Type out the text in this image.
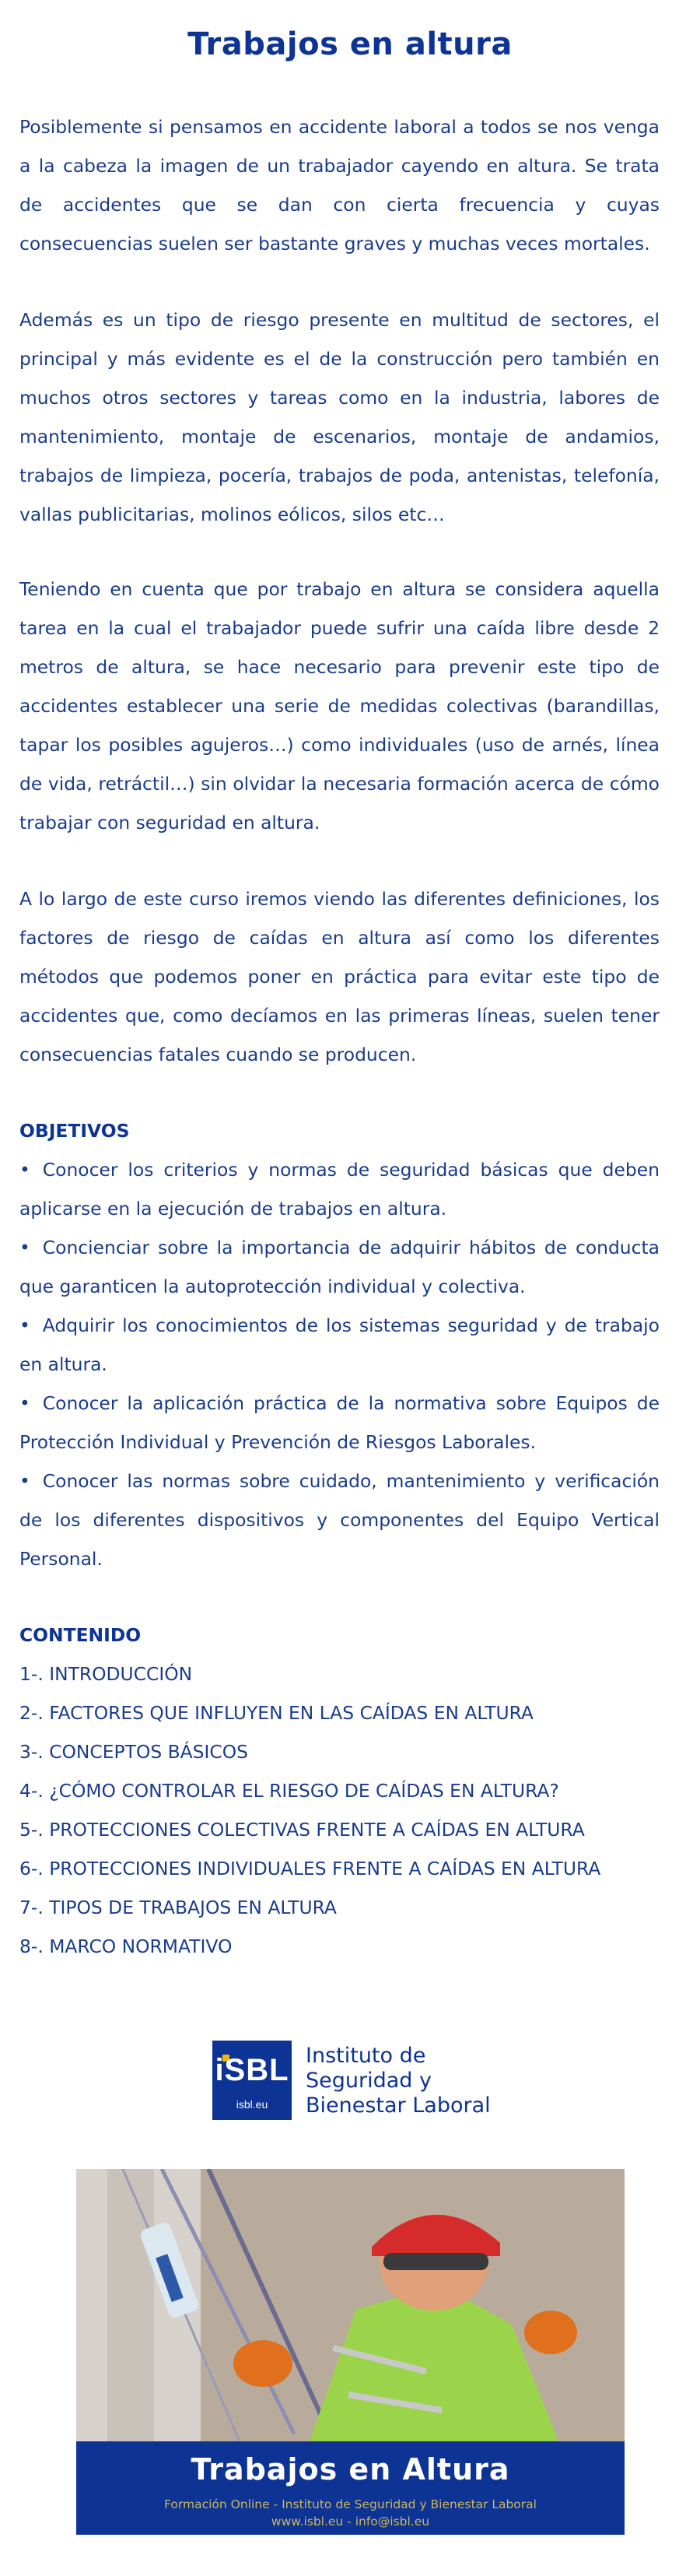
Trabajos en altura

Posiblemente si pensamos en accidente laboral a todos se nos venga a la cabeza la imagen de un trabajador cayendo en altura. Se trata de accidentes que se dan con cierta frecuencia y cuyas consecuencias suelen ser bastante graves y muchas veces mortales.

Además es un tipo de riesgo presente en multitud de sectores, el principal y más evidente es el de la construcción pero también en muchos otros sectores y tareas como en la industria, labores de mantenimiento, montaje de escenarios, montaje de andamios, trabajos de limpieza, pocería, trabajos de poda, antenistas, telefonía, vallas publicitarias, molinos eólicos, silos etc…

Teniendo en cuenta que por trabajo en altura se considera aquella tarea en la cual el trabajador puede sufrir una caída libre desde 2 metros de altura, se hace necesario para prevenir este tipo de accidentes establecer una serie de medidas colectivas (barandillas, tapar los posibles agujeros…) como individuales (uso de arnés, línea de vida, retráctil…) sin olvidar la necesaria formación acerca de cómo trabajar con seguridad en altura.

A lo largo de este curso iremos viendo las diferentes definiciones, los factores de riesgo de caídas en altura así como los diferentes métodos que podemos poner en práctica para evitar este tipo de accidentes que, como decíamos en las primeras líneas, suelen tener consecuencias fatales cuando se producen.

OBJETIVOS
• Conocer los criterios y normas de seguridad básicas que deben aplicarse en la ejecución de trabajos en altura.
• Concienciar sobre la importancia de adquirir hábitos de conducta que garanticen la autoprotección individual y colectiva.
• Adquirir los conocimientos de los sistemas seguridad y de trabajo en altura.
• Conocer la aplicación práctica de la normativa sobre Equipos de Protección Individual y Prevención de Riesgos Laborales.
• Conocer las normas sobre cuidado, mantenimiento y verificación de los diferentes dispositivos y componentes del Equipo Vertical Personal.
CONTENIDO
1-. INTRODUCCIÓN
2-. FACTORES QUE INFLUYEN EN LAS CAÍDAS EN ALTURA
3-. CONCEPTOS BÁSICOS
4-. ¿CÓMO CONTROLAR EL RIESGO DE CAÍDAS EN ALTURA?
5-. PROTECCIONES COLECTIVAS FRENTE A CAÍDAS EN ALTURA
6-. PROTECCIONES INDIVIDUALES FRENTE A CAÍDAS EN ALTURA
7-. TIPOS DE TRABAJOS EN ALTURA
8-. MARCO NORMATIVO
iSBL
isbl.eu
Instituto de
Seguridad y
Bienestar Laboral
Trabajos en Altura
Formación Online - Instituto de Seguridad y Bienestar Laboral
www.isbl.eu - info@isbl.eu
